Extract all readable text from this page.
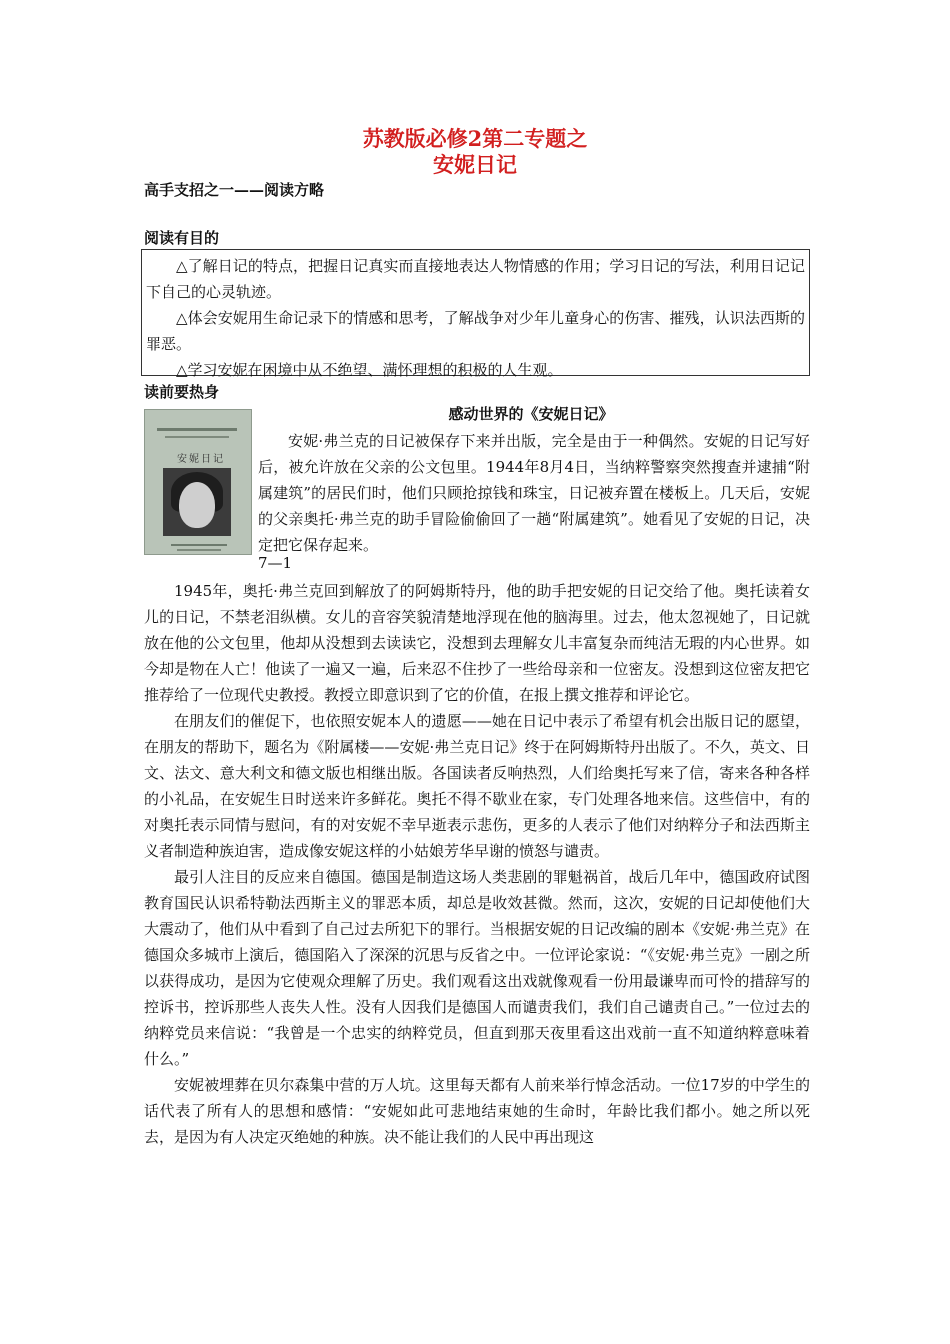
苏教版必修2第二专题之
安妮日记
高手支招之一——阅读方略
阅读有目的

△了解日记的特点，把握日记真实而直接地表达人物情感的作用；学习日记的写法，利用日记记下自己的心灵轨迹。

△体会安妮用生命记录下的情感和思考，了解战争对少年儿童身心的伤害、摧残，认识法西斯的罪恶。

△学习安妮在困境中从不绝望、满怀理想的积极的人生观。

读前要热身
安妮日记
感动世界的《安妮日记》

安妮·弗兰克的日记被保存下来并出版，完全是由于一种偶然。安妮的日记写好后，被允许放在父亲的公文包里。1944年8月4日，当纳粹警察突然搜查并逮捕“附属建筑”的居民们时，他们只顾抢掠钱和珠宝，日记被弃置在楼板上。几天后，安妮的父亲奥托·弗兰克的助手冒险偷偷回了一趟“附属建筑”。她看见了安妮的日记，决定把它保存起来。

7—1

1945年，奥托·弗兰克回到解放了的阿姆斯特丹，他的助手把安妮的日记交给了他。奥托读着女儿的日记，不禁老泪纵横。女儿的音容笑貌清楚地浮现在他的脑海里。过去，他太忽视她了，日记就放在他的公文包里，他却从没想到去读读它，没想到去理解女儿丰富复杂而纯洁无瑕的内心世界。如今却是物在人亡！他读了一遍又一遍，后来忍不住抄了一些给母亲和一位密友。没想到这位密友把它推荐给了一位现代史教授。教授立即意识到了它的价值，在报上撰文推荐和评论它。

在朋友们的催促下，也依照安妮本人的遗愿——她在日记中表示了希望有机会出版日记的愿望，在朋友的帮助下，题名为《附属楼——安妮·弗兰克日记》终于在阿姆斯特丹出版了。不久，英文、日文、法文、意大利文和德文版也相继出版。各国读者反响热烈，人们给奥托写来了信，寄来各种各样的小礼品，在安妮生日时送来许多鲜花。奥托不得不歇业在家，专门处理各地来信。这些信中，有的对奥托表示同情与慰问，有的对安妮不幸早逝表示悲伤，更多的人表示了他们对纳粹分子和法西斯主义者制造种族迫害，造成像安妮这样的小姑娘芳华早谢的愤怒与谴责。

最引人注目的反应来自德国。德国是制造这场人类悲剧的罪魁祸首，战后几年中，德国政府试图教育国民认识希特勒法西斯主义的罪恶本质，却总是收效甚微。然而，这次，安妮的日记却使他们大大震动了，他们从中看到了自己过去所犯下的罪行。当根据安妮的日记改编的剧本《安妮·弗兰克》在德国众多城市上演后，德国陷入了深深的沉思与反省之中。一位评论家说：“《安妮·弗兰克》一剧之所以获得成功，是因为它使观众理解了历史。我们观看这出戏就像观看一份用最谦卑而可怜的措辞写的控诉书，控诉那些人丧失人性。没有人因我们是德国人而谴责我们，我们自己谴责自己。”一位过去的纳粹党员来信说：“我曾是一个忠实的纳粹党员，但直到那天夜里看这出戏前一直不知道纳粹意味着什么。”

安妮被埋葬在贝尔森集中营的万人坑。这里每天都有人前来举行悼念活动。一位17岁的中学生的话代表了所有人的思想和感情：“安妮如此可悲地结束她的生命时，年龄比我们都小。她之所以死去，是因为有人决定灭绝她的种族。决不能让我们的人民中再出现这
